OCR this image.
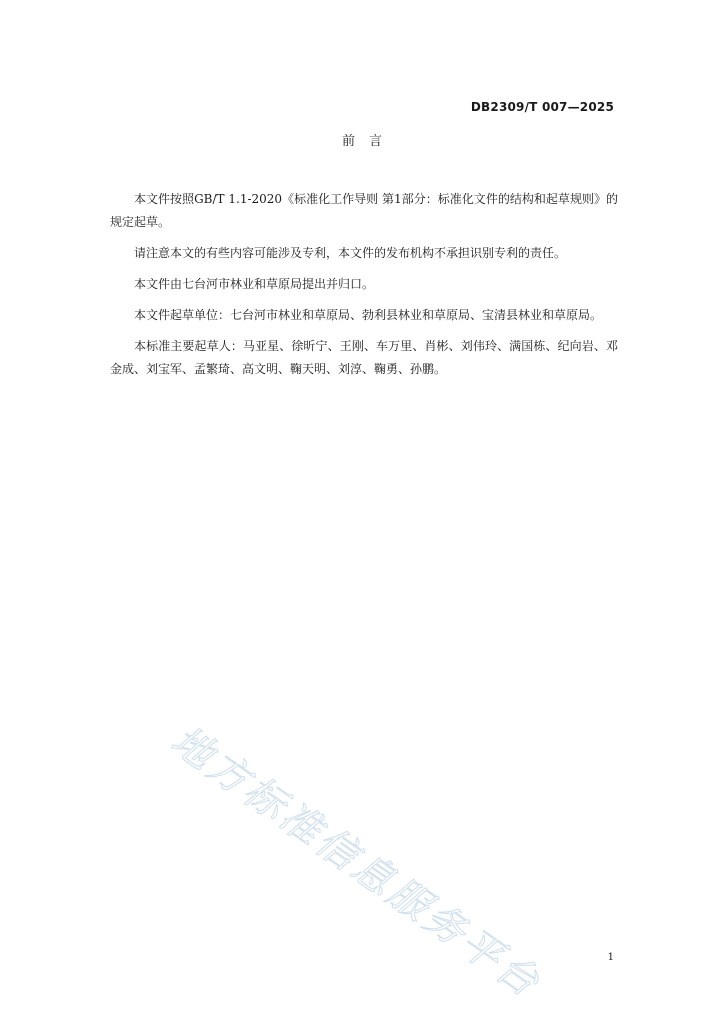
DB2309/T 007—2025
前言

本文件按照GB/T 1.1-2020《标准化工作导则 第1部分：标准化文件的结构和起草规则》的规定起草。

请注意本文的有些内容可能涉及专利，本文件的发布机构不承担识别专利的责任。

本文件由七台河市林业和草原局提出并归口。

本文件起草单位：七台河市林业和草原局、勃利县林业和草原局、宝清县林业和草原局。

本标准主要起草人：马亚星、徐昕宁、王刚、车万里、肖彬、刘伟玲、满国栋、纪向岩、邓金成、刘宝军、孟繁琦、高文明、鞠天明、刘淳、鞠勇、孙鹏。

地方标准信息服务平台	1
